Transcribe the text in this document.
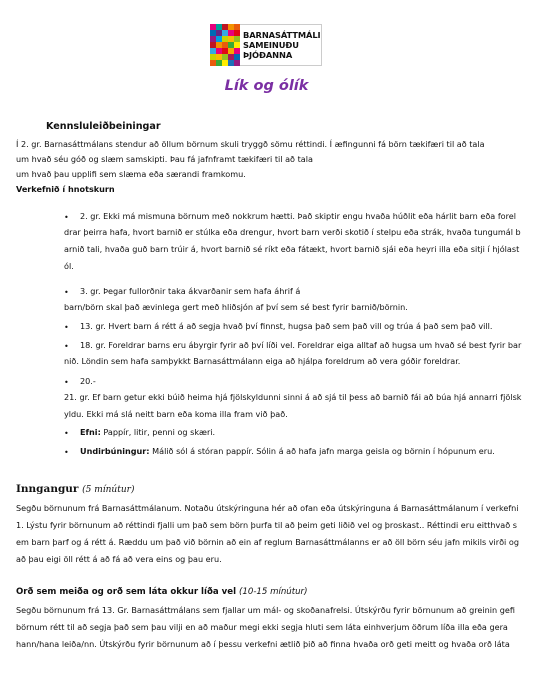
BARNASÁTTMÁLI
SAMEINUÐU
ÞJÓÐANNA
Lík og ólík
Kennsluleiðbeiningar
Í 2. gr. Barnasáttmálans stendur að öllum börnum skuli tryggð sömu réttindi. Í æfingunni fá börn tækifæri til að tala
um hvað séu góð og slæm samskipti. Þau fá jafnframt tækifæri til að tala
um hvað þau upplifi sem slæma eða særandi framkomu.
Verkefnið í hnotskurn
• 2. gr. Ekki má mismuna börnum með nokkrum hætti. Það skiptir engu hvaða húðlit eða hárlit barn eða forel
drar þeirra hafa, hvort barnið er stúlka eða drengur, hvort barn verði skotið í stelpu eða strák, hvaða tungumál b
arnið tali, hvaða guð barn trúir á, hvort barnið sé ríkt eða fátækt, hvort barnið sjái eða heyri illa eða sitji í hjólast
ól.
• 3. gr. Þegar fullorðnir taka ákvarðanir sem hafa áhrif á
barn/börn skal það ævinlega gert með hliðsjón af því sem sé best fyrir barnið/börnin.
• 13. gr. Hvert barn á rétt á að segja hvað því finnst, hugsa það sem það vill og trúa á það sem það vill.
• 18. gr. Foreldrar barns eru ábyrgir fyrir að því líði vel. Foreldrar eiga alltaf að hugsa um hvað sé best fyrir bar
nið. Löndin sem hafa samþykkt Barnasáttmálann eiga að hjálpa foreldrum að vera góðir foreldrar.
• 20.-
21. gr. Ef barn getur ekki búið heima hjá fjölskyldunni sinni á að sjá til þess að barnið fái að búa hjá annarri fjölsk
yldu. Ekki má slá neitt barn eða koma illa fram við það.
• Efni: Pappír, litir, penni og skæri.
• Undirbúningur: Málið sól á stóran pappír. Sólin á að hafa jafn marga geisla og börnin í hópunum eru.
Inngangur (5 mínútur)
Segðu börnunum frá Barnasáttmálanum. Notaðu útskýringuna hér að ofan eða útskýringuna á Barnasáttmálanum í verkefni
1. Lýstu fyrir börnunum að réttindi fjalli um það sem börn þurfa til að þeim geti liðið vel og þroskast.. Réttindi eru eitthvað s
em barn þarf og á rétt á. Ræddu um það við börnin að ein af reglum Barnasáttmálanns er að öll börn séu jafn mikils virði og
að þau eigi öll rétt á að fá að vera eins og þau eru.
Orð sem meiða og orð sem láta okkur líða vel (10-15 mínútur)
Segðu börnunum frá 13. Gr. Barnasáttmálans sem fjallar um mál- og skoðanafrelsi. Útskýrðu fyrir börnunum að greinin gefi
börnum rétt til að segja það sem þau vilji en að maður megi ekki segja hluti sem láta einhverjum öðrum líða illa eða gera
hann/hana leiða/nn. Útskýrðu fyrir börnunum að í þessu verkefni ætlið þið að finna hvaða orð geti meitt og hvaða orð láta
